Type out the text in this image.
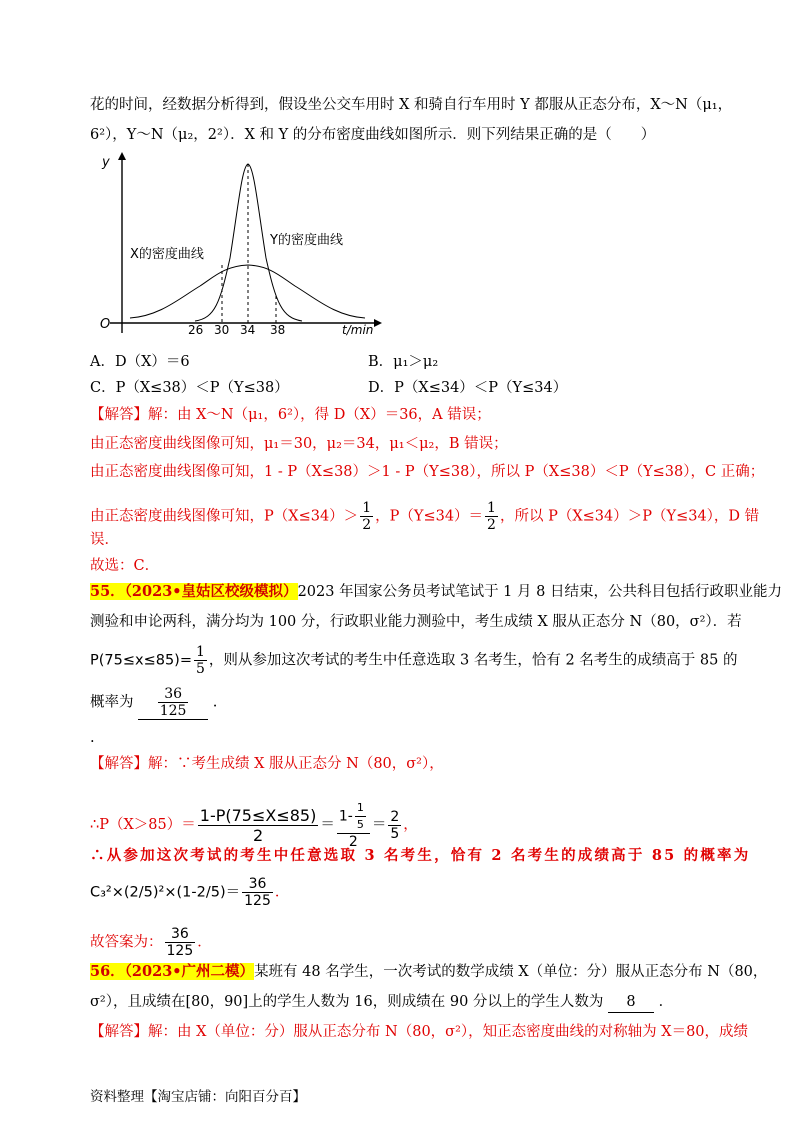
花的时间，经数据分析得到，假设坐公交车用时 X 和骑自行车用时 Y 都服从正态分布，X～N（μ₁，
6²），Y～N（μ₂，2²）．X 和 Y 的分布密度曲线如图所示．则下列结果正确的是（　　）
y
O	t/min
26 30 34 38
X的密度曲线
Y的密度曲线
A．D（X）＝6	B．μ₁＞μ₂
C．P（X≤38）＜P（Y≤38）	D．P（X≤34）＜P（Y≤34）
【解答】解：由 X～N（μ₁，6²），得 D（X）＝36，A 错误；
由正态密度曲线图像可知，μ₁＝30，μ₂＝34，μ₁＜μ₂，B 错误；
由正态密度曲线图像可知，1 - P（X≤38）＞1 - P（Y≤38），所以 P（X≤38）＜P（Y≤38），C 正确；
由正态密度曲线图像可知，$P(X\le 34)> \frac{1}{2}$ ，$P(Y\le 34)= \frac{1}{2}$ ，所以 P（X≤34）＞P（Y≤34），D 错
误．
故选：C．
55．（2023•皇姑区校级模拟）2023 年国家公务员考试笔试于 1 月 8 日结束，公共科目包括行政职业能力
测验和申论两科，满分均为 100 分，行政职业能力测验中，考生成绩 X 服从正态分 N（80，σ²）．若
$P(75\le x\le 85)= \frac{1}{5}$ ，则从参加这次考试的考生中任意选取 3 名考生，恰有 2 名考生的成绩高于 85 的
概率为 $\frac{36}{125}$ .
.
【解答】解：∵考生成绩 X 服从正态分 N（80，σ²），
∴P（X＞85）＝ $\frac{1-P(75\le X\le 85)}{2} = \frac{1- \frac{1}{5}}{2} = \frac{2}{5}$ ，
∴从参加这次考试的考生中任意选取 3 名考生，恰有 2 名考生的成绩高于 85 的概率为
$C_3^2\times(2/5)^2\times(1-2/5)= \frac{36}{125}$ ．
故答案为： $\frac{36}{125}$ ．
56．（2023•广州二模）某班有 48 名学生，一次考试的数学成绩 X（单位：分）服从正态分布 N（80，
σ²），且成绩在[80，90]上的学生人数为 16，则成绩在 90 分以上的学生人数为 8 ．
【解答】解：由 X（单位：分）服从正态分布 N（80，σ²），知正态密度曲线的对称轴为 X＝80，成绩
资料整理【淘宝店铺：向阳百分百】
